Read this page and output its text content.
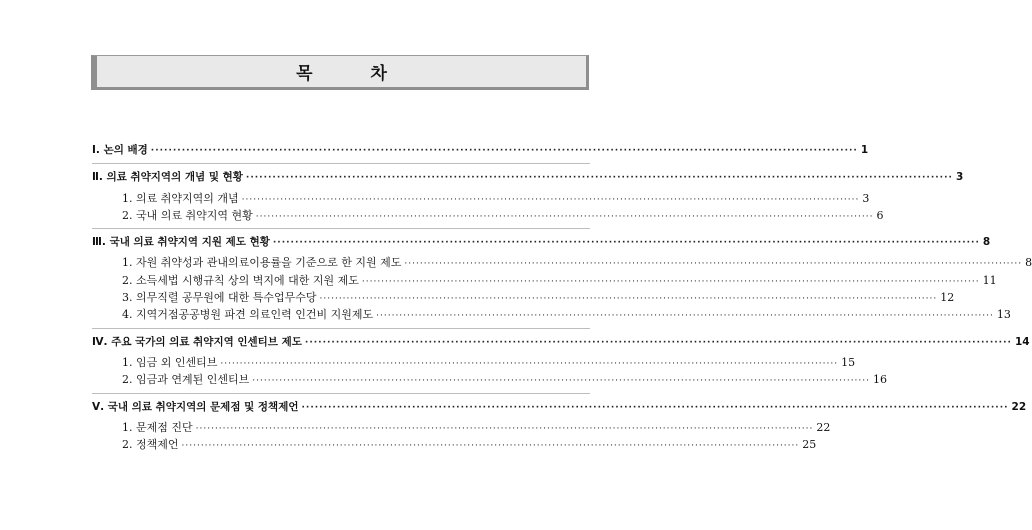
목 차
Ⅰ.
논의 배경 ································································································································································ 1
Ⅱ.
의료 취약지역의 개념 및 현황 ································································································································································ 3
1.
의료 취약지역의 개념 ································································································································································ 3
2.
국내 의료 취약지역 현황 ································································································································································ 6
Ⅲ.
국내 의료 취약지역 지원 제도 현황 ································································································································································ 8
1.
자원 취약성과 관내의료이용률을 기준으로 한 지원 제도 ································································································································································ 8
2.
소득세법 시행규칙 상의 벽지에 대한 지원 제도 ································································································································································ 11
3.
의무직렬 공무원에 대한 특수업무수당 ································································································································································ 12
4.
지역거점공공병원 파견 의료인력 인건비 지원제도 ································································································································································ 13
Ⅳ.
주요 국가의 의료 취약지역 인센티브 제도 ································································································································································ 14
1.
임금 외 인센티브 ································································································································································ 15
2.
임금과 연계된 인센티브 ································································································································································ 16
Ⅴ.
국내 의료 취약지역의 문제점 및 정책제언 ································································································································································ 22
1.
문제점 진단 ································································································································································ 22
2.
정책제언 ································································································································································ 25
